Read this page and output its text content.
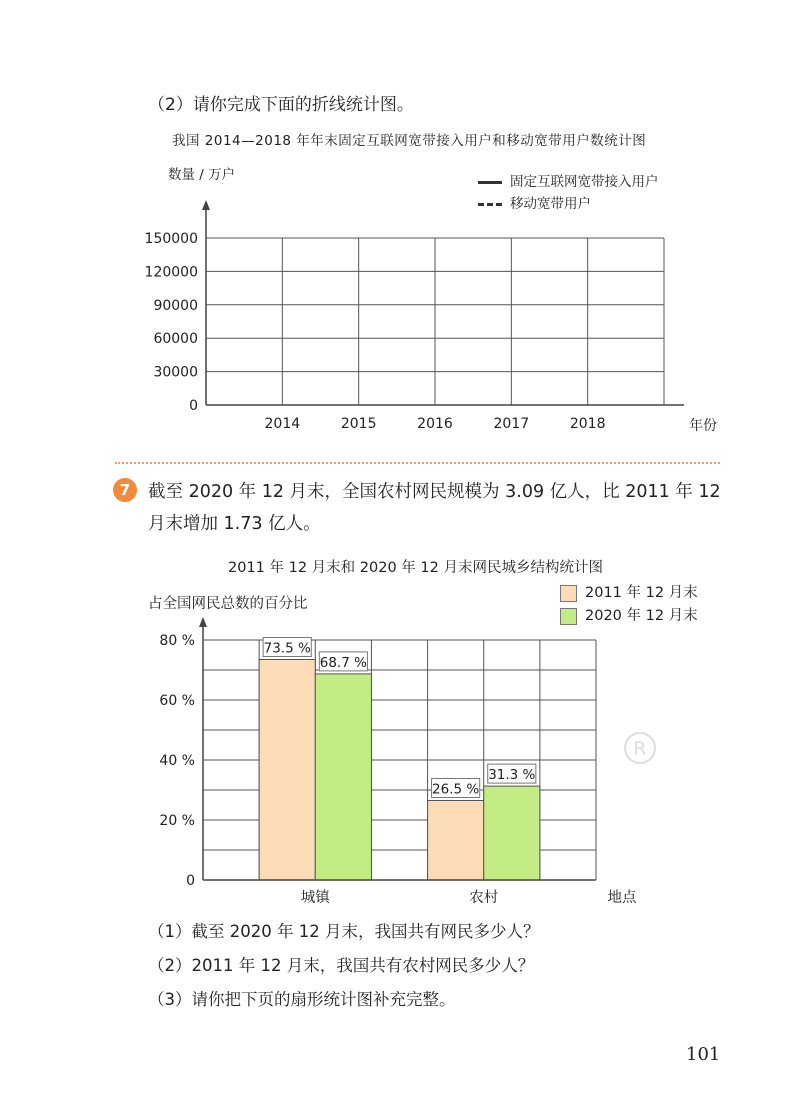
（2）请你完成下面的折线统计图。
我国 2014—2018 年年末固定互联网宽带接入用户和移动宽带用户数统计图
数量 / 万户	固定互联网宽带接入用户
移动宽带用户
0
30000
60000
90000
120000
150000
2014	2015	2016	2017	2018	年份
7	截至 2020 年 12 月末，全国农村网民规模为 3.09 亿人，比 2011 年 12 月末增加 1.73 亿人。
2011 年 12 月末和 2020 年 12 月末网民城乡结构统计图
占全国网民总数的百分比
2011 年 12 月末
2020 年 12 月末
0
20 %
40 %
60 %
80 %
R
73.5 %
68.7 %
城镇
26.5 %
31.3 %
农村	地点
（1）截至 2020 年 12 月末，我国共有网民多少人？
（2）2011 年 12 月末，我国共有农村网民多少人？
（3）请你把下页的扇形统计图补充完整。
101
